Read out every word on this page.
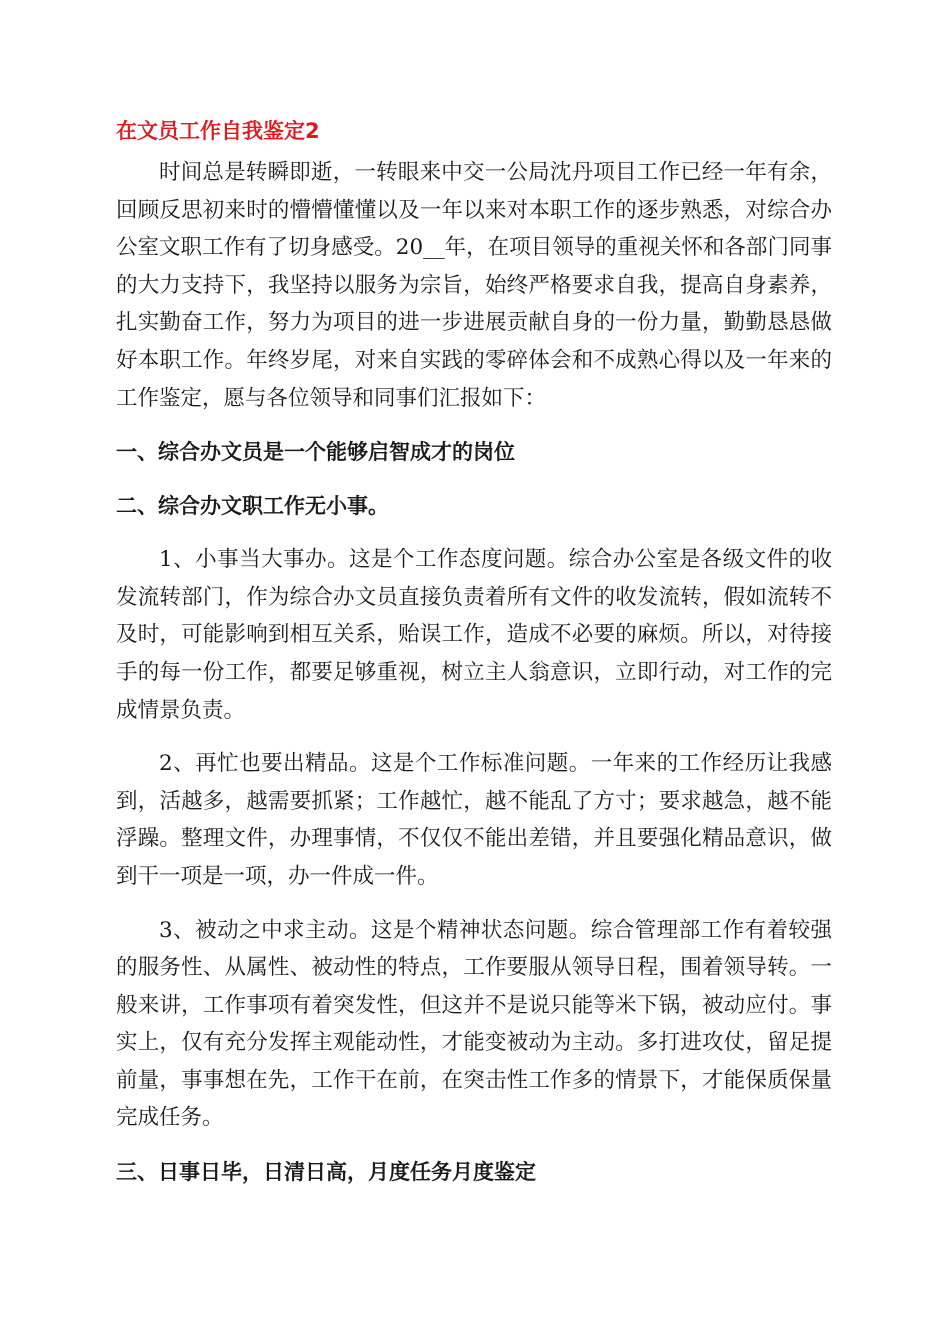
在文员工作自我鉴定2

时间总是转瞬即逝，一转眼来中交一公局沈丹项目工作已经一年有余，回顾反思初来时的懵懵懂懂以及一年以来对本职工作的逐步熟悉，对综合办公室文职工作有了切身感受。20__年，在项目领导的重视关怀和各部门同事的大力支持下，我坚持以服务为宗旨，始终严格要求自我，提高自身素养，扎实勤奋工作，努力为项目的进一步进展贡献自身的一份力量，勤勤恳恳做好本职工作。年终岁尾，对来自实践的零碎体会和不成熟心得以及一年来的工作鉴定，愿与各位领导和同事们汇报如下：

一、综合办文员是一个能够启智成才的岗位
二、综合办文职工作无小事。

1、小事当大事办。这是个工作态度问题。综合办公室是各级文件的收发流转部门，作为综合办文员直接负责着所有文件的收发流转，假如流转不及时，可能影响到相互关系，贻误工作，造成不必要的麻烦。所以，对待接手的每一份工作，都要足够重视，树立主人翁意识，立即行动，对工作的完成情景负责。

2、再忙也要出精品。这是个工作标准问题。一年来的工作经历让我感到，活越多，越需要抓紧；工作越忙，越不能乱了方寸；要求越急，越不能浮躁。整理文件，办理事情，不仅仅不能出差错，并且要强化精品意识，做到干一项是一项，办一件成一件。

3、被动之中求主动。这是个精神状态问题。综合管理部工作有着较强的服务性、从属性、被动性的特点，工作要服从领导日程，围着领导转。一般来讲，工作事项有着突发性，但这并不是说只能等米下锅，被动应付。事实上，仅有充分发挥主观能动性，才能变被动为主动。多打进攻仗，留足提前量，事事想在先，工作干在前，在突击性工作多的情景下，才能保质保量完成任务。

三、日事日毕，日清日高，月度任务月度鉴定
